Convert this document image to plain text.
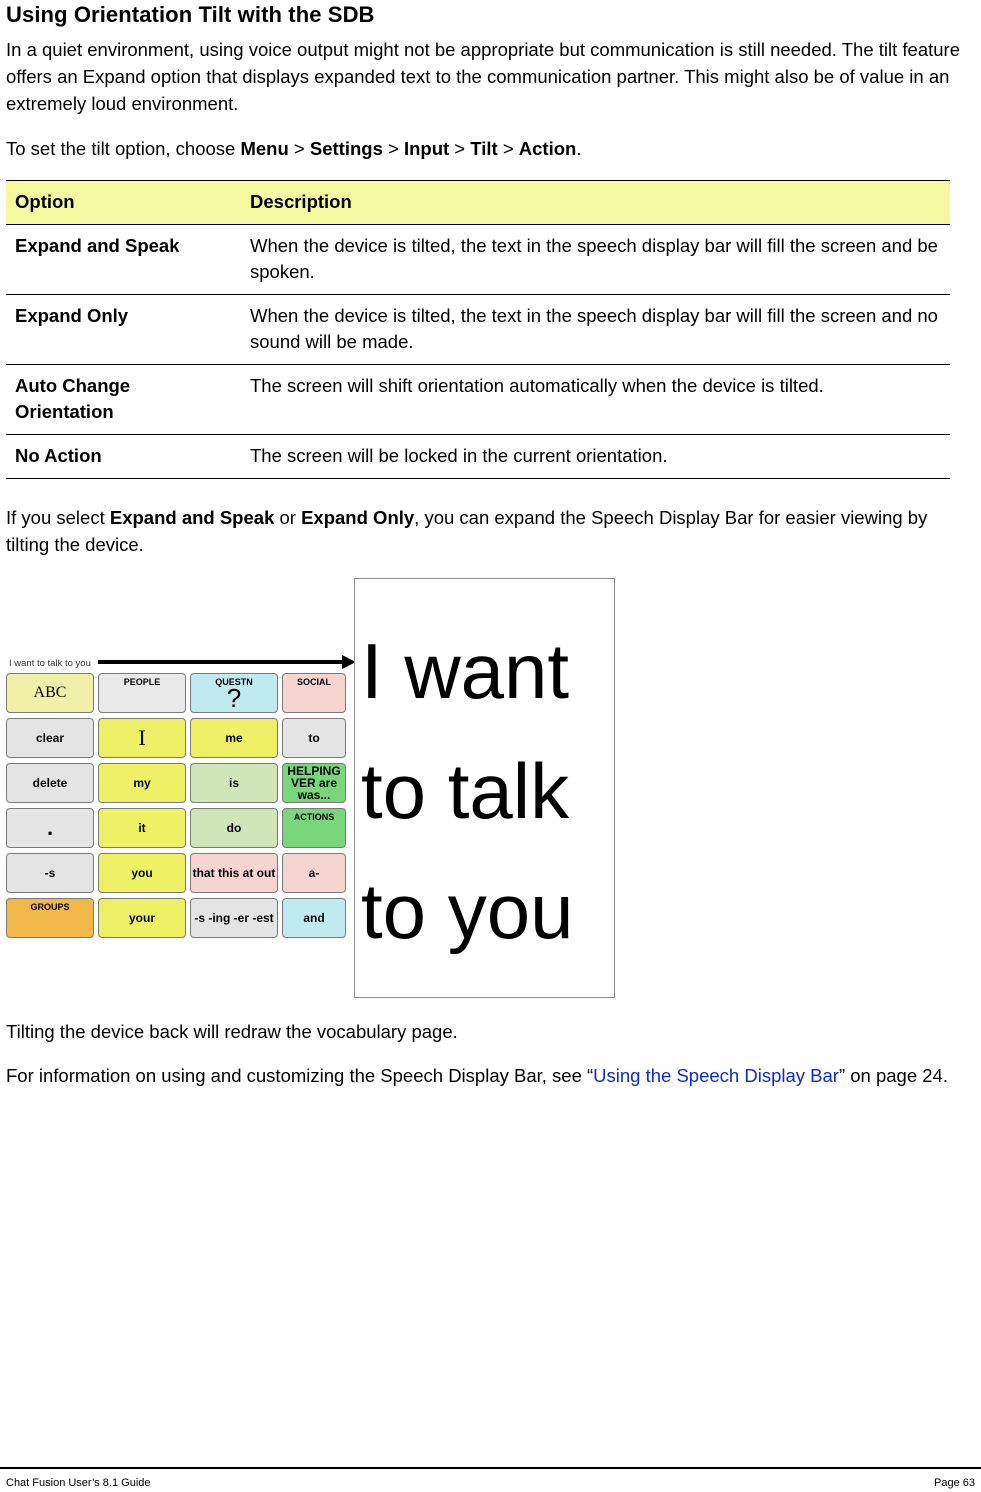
Using Orientation Tilt with the SDB

In a quiet environment, using voice output might not be appropriate but communication is still needed. The tilt feature offers an Expand option that displays expanded text to the communication partner. This might also be of value in an extremely loud environment.

To set the tilt option, choose Menu > Settings > Input > Tilt > Action.

Option	Description
Expand and Speak	When the device is tilted, the text in the speech display bar will fill the screen and be spoken.
Expand Only	When the device is tilted, the text in the speech display bar will fill the screen and no sound will be made.
Auto Change Orientation	The screen will shift orientation automatically when the device is tilted.
No Action	The screen will be locked in the current orientation.

If you select Expand and Speak or Expand Only, you can expand the Speech Display Bar for easier viewing by tilting the device.

I want to talk to you
ABC
PEOPLE	QUESTN
?
SOCIAL
clear	I	me	to
delete	my	is
HELPING VER are was...
.	it	do
ACTIONS
-s	you	that this at out	a-
GROUPS
your	-s -ing -er -est and
I want
to talk
to you

Tilting the device back will redraw the vocabulary page.

For information on using and customizing the Speech Display Bar, see “Using the Speech Display Bar” on page 24.

Chat Fusion User’s 8.1 Guide	Page 63
